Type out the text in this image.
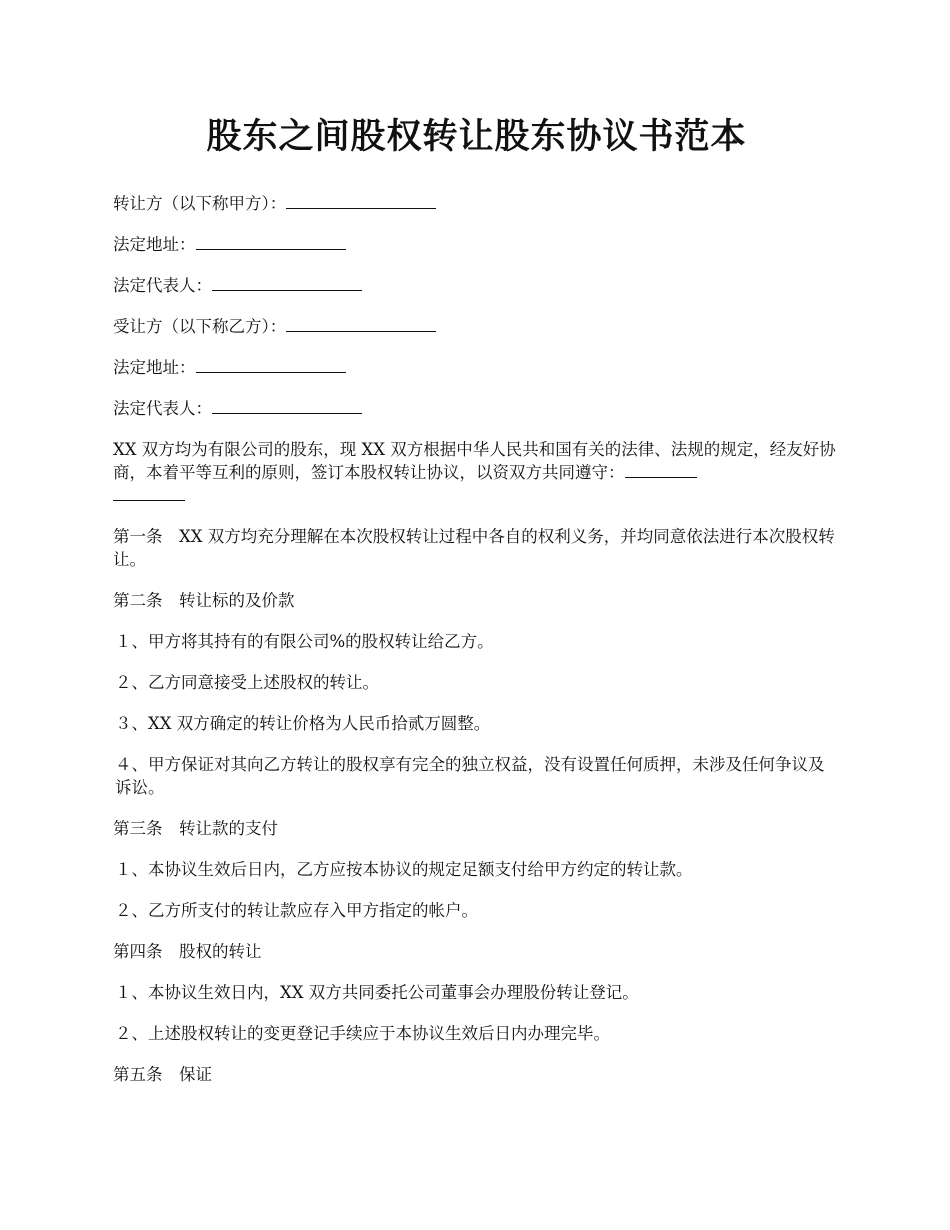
股东之间股权转让股东协议书范本
转让方（以下称甲方）：
法定地址：
法定代表人：
受让方（以下称乙方）：
法定地址：
法定代表人：
XX 双方均为有限公司的股东，现 XX 双方根据中华人民共和国有关的法律、法规的规定，经友好协商，本着平等互利的原则，签订本股权转让协议，以资双方共同遵守：

第一条　XX 双方均充分理解在本次股权转让过程中各自的权利义务，并均同意依法进行本次股权转让。
第二条　转让标的及价款
１、甲方将其持有的有限公司%的股权转让给乙方。
２、乙方同意接受上述股权的转让。
３、XX 双方确定的转让价格为人民币拾贰万圆整。
４、甲方保证对其向乙方转让的股权享有完全的独立权益，没有设置任何质押，未涉及任何争议及诉讼。
第三条　转让款的支付
１、本协议生效后日内，乙方应按本协议的规定足额支付给甲方约定的转让款。
２、乙方所支付的转让款应存入甲方指定的帐户。
第四条　股权的转让
１、本协议生效日内，XX 双方共同委托公司董事会办理股份转让登记。
２、上述股权转让的变更登记手续应于本协议生效后日内办理完毕。
第五条　保证
